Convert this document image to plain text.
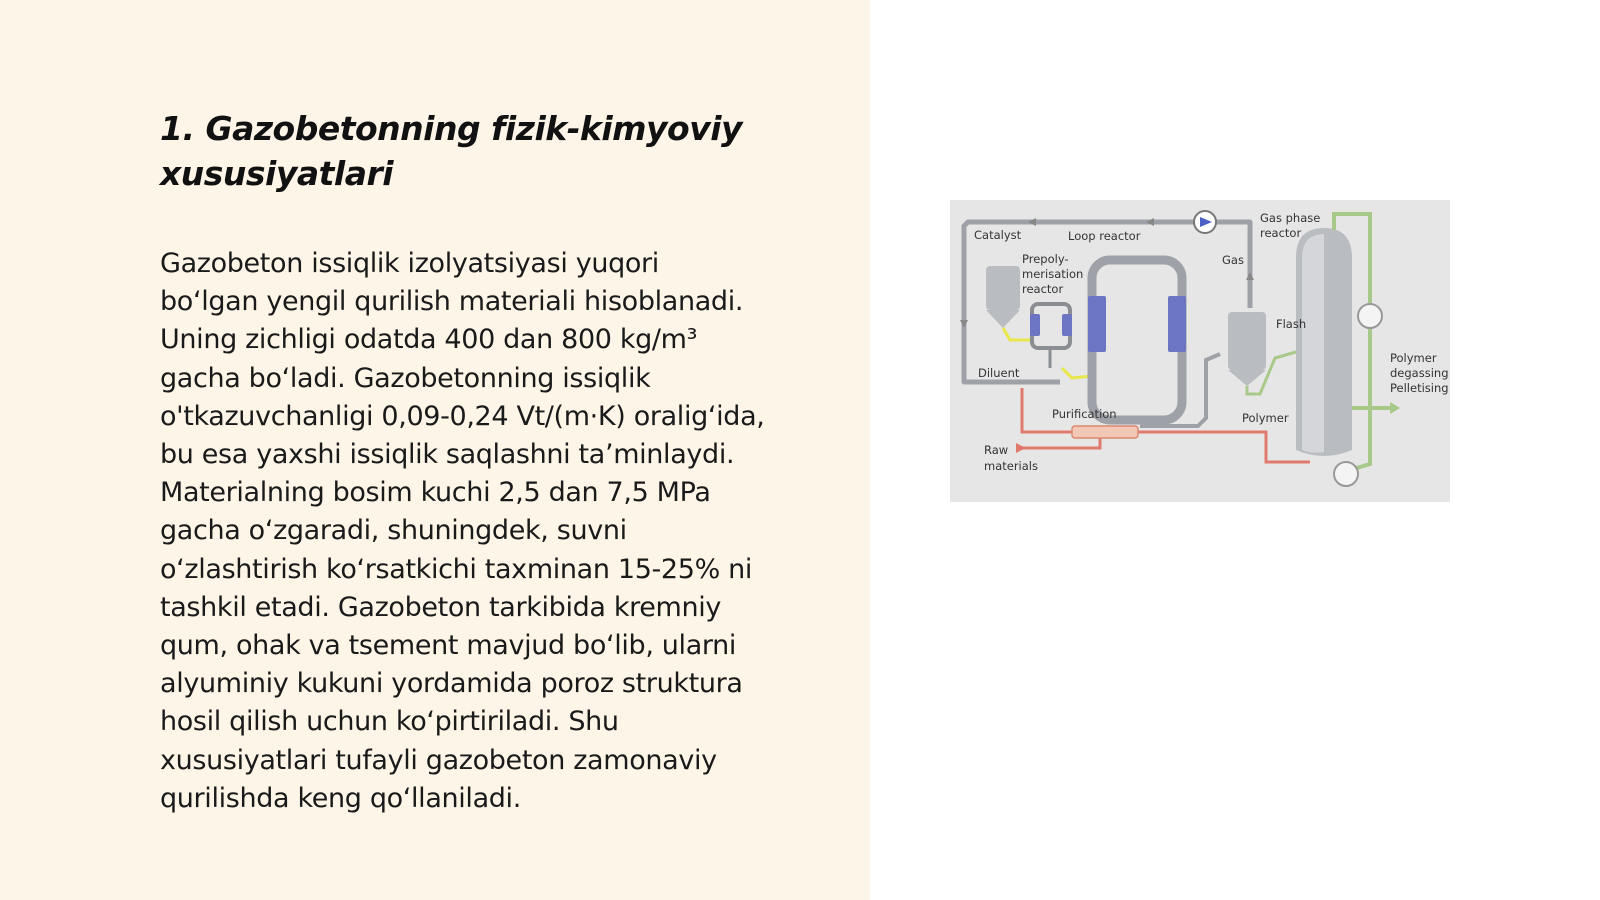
1. Gazobetonning fizik-kimyoviy
xususiyatlari
Gazobeton issiqlik izolyatsiyasi yuqori
bo‘lgan yengil qurilish materiali hisoblanadi.
Uning zichligi odatda 400 dan 800 kg/m³
gacha bo‘ladi. Gazobetonning issiqlik
o'tkazuvchanligi 0,09-0,24 Vt/(m·K) oralig‘ida,
bu esa yaxshi issiqlik saqlashni ta’minlaydi.
Materialning bosim kuchi 2,5 dan 7,5 MPa
gacha o‘zgaradi, shuningdek, suvni
o‘zlashtirish ko‘rsatkichi taxminan 15-25% ni
tashkil etadi. Gazobeton tarkibida kremniy
qum, ohak va tsement mavjud bo‘lib, ularni
alyuminiy kukuni yordamida poroz struktura
hosil qilish uchun ko‘pirtiriladi. Shu
xususiyatlari tufayli gazobeton zamonaviy
qurilishda keng qo‘llaniladi.
Catalyst	Loop reactor
Gas phase
reactor
Prepoly-
merisation
reactor
Gas
Flash
Diluent
Purification	Polymer
Polymer
degassing
Pelletising
Raw
materials
